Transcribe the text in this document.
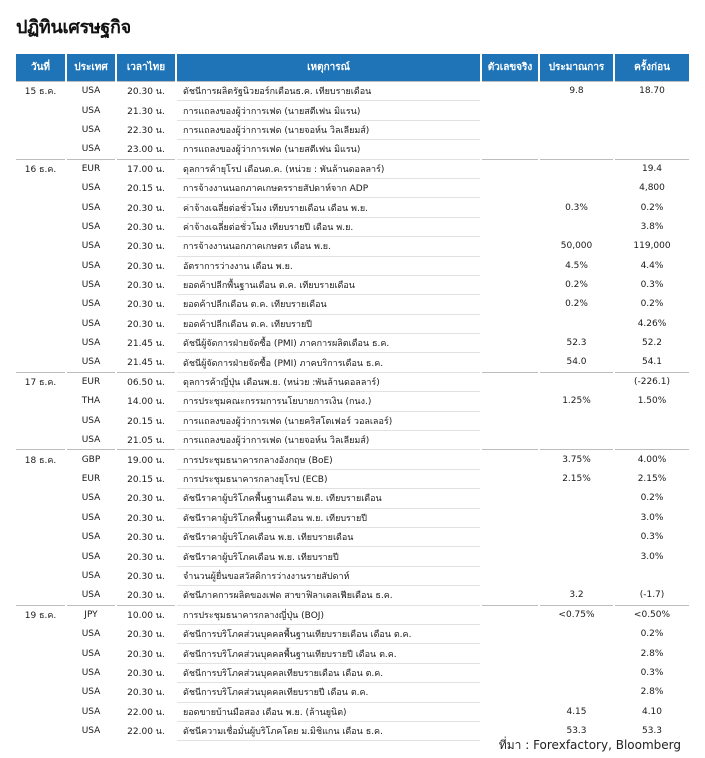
ปฏิทินเศรษฐกิจ
วันที่	ประเทศ	เวลาไทย	เหตุการณ์	ตัวเลขจริง	ประมาณการ	ครั้งก่อน
15 ธ.ค.	USA	20.30 น.	ดัชนีการผลิตรัฐนิวยอร์กเดือนธ.ค. เทียบรายเดือน		9.8	18.70
	USA	21.30 น.	การแถลงของผู้ว่าการเฟด (นายสตีเฟน มิแรน)			
	USA	22.30 น.	การแถลงของผู้ว่าการเฟด (นายจอห์น วิลเลียมส์)			
	USA	23.00 น.	การแถลงของผู้ว่าการเฟด (นายสตีเฟน มิแรน)			
16 ธ.ค.	EUR	17.00 น.	ดุลการค้ายุโรป เดือนต.ค. (หน่วย : พันล้านดอลลาร์)			19.4
	USA	20.15 น.	การจ้างงานนอกภาคเกษตรรายสัปดาห์จาก ADP			4,800
	USA	20.30 น.	ค่าจ้างเฉลี่ยต่อชั่วโมง เทียบรายเดือน เดือน พ.ย.		0.3%	0.2%
	USA	20.30 น.	ค่าจ้างเฉลี่ยต่อชั่วโมง เทียบรายปี เดือน พ.ย.			3.8%
	USA	20.30 น.	การจ้างงานนอกภาคเกษตร เดือน พ.ย.		50,000	119,000
	USA	20.30 น.	อัตราการว่างงาน เดือน พ.ย.		4.5%	4.4%
	USA	20.30 น.	ยอดค้าปลีกพื้นฐานเดือน ต.ค. เทียบรายเดือน		0.2%	0.3%
	USA	20.30 น.	ยอดค้าปลีกเดือน ต.ค. เทียบรายเดือน		0.2%	0.2%
	USA	20.30 น.	ยอดค้าปลีกเดือน ต.ค. เทียบรายปี			4.26%
	USA	21.45 น.	ดัชนีผู้จัดการฝ่ายจัดซื้อ (PMI) ภาคการผลิตเดือน ธ.ค.		52.3	52.2
	USA	21.45 น.	ดัชนีผู้จัดการฝ่ายจัดซื้อ (PMI) ภาคบริการเดือน ธ.ค.		54.0	54.1
17 ธ.ค.	EUR	06.50 น.	ดุลการค้าญี่ปุ่น เดือนพ.ย. (หน่วย :พันล้านดอลลาร์)			(-226.1)
	THA	14.00 น.	การประชุมคณะกรรมการนโยบายการเงิน (กนง.)		1.25%	1.50%
	USA	20.15 น.	การแถลงของผู้ว่าการเฟด (นายคริสโตเฟอร์ วอลเลอร์)			
	USA	21.05 น.	การแถลงของผู้ว่าการเฟด (นายจอห์น วิลเลียมส์)			
18 ธ.ค.	GBP	19.00 น.	การประชุมธนาคารกลางอังกฤษ (BoE)		3.75%	4.00%
	EUR	20.15 น.	การประชุมธนาคารกลางยุโรป (ECB)		2.15%	2.15%
	USA	20.30 น.	ดัชนีราคาผู้บริโภคพื้นฐานเดือน พ.ย. เทียบรายเดือน			0.2%
	USA	20.30 น.	ดัชนีราคาผู้บริโภคพื้นฐานเดือน พ.ย. เทียบรายปี			3.0%
	USA	20.30 น.	ดัชนีราคาผู้บริโภคเดือน พ.ย. เทียบรายเดือน			0.3%
	USA	20.30 น.	ดัชนีราคาผู้บริโภคเดือน พ.ย. เทียบรายปี			3.0%
	USA	20.30 น.	จำนวนผู้ยื่นขอสวัสดิการว่างงานรายสัปดาห์			
	USA	20.30 น.	ดัชนีภาคการผลิตของเฟด สาขาฟิลาเดลเฟียเดือน ธ.ค.		3.2	(-1.7)
19 ธ.ค.	JPY	10.00 น.	การประชุมธนาคารกลางญี่ปุ่น (BOJ)		<0.75%	<0.50%
	USA	20.30 น.	ดัชนีการบริโภคส่วนบุคคลพื้นฐานเทียบรายเดือน เดือน ต.ค.			0.2%
	USA	20.30 น.	ดัชนีการบริโภคส่วนบุคคลพื้นฐานเทียบรายปี เดือน ต.ค.			2.8%
	USA	20.30 น.	ดัชนีการบริโภคส่วนบุคคลเทียบรายเดือน เดือน ต.ค.			0.3%
	USA	20.30 น.	ดัชนีการบริโภคส่วนบุคคลเทียบรายปี เดือน ต.ค.			2.8%
	USA	22.00 น.	ยอดขายบ้านมือสอง เดือน พ.ย. (ล้านยูนิต)		4.15	4.10
	USA	22.00 น.	ดัชนีความเชื่อมั่นผู้บริโภคโดย ม.มิชิแกน เดือน ธ.ค.		53.3	53.3
ที่มา : Forexfactory, Bloomberg
